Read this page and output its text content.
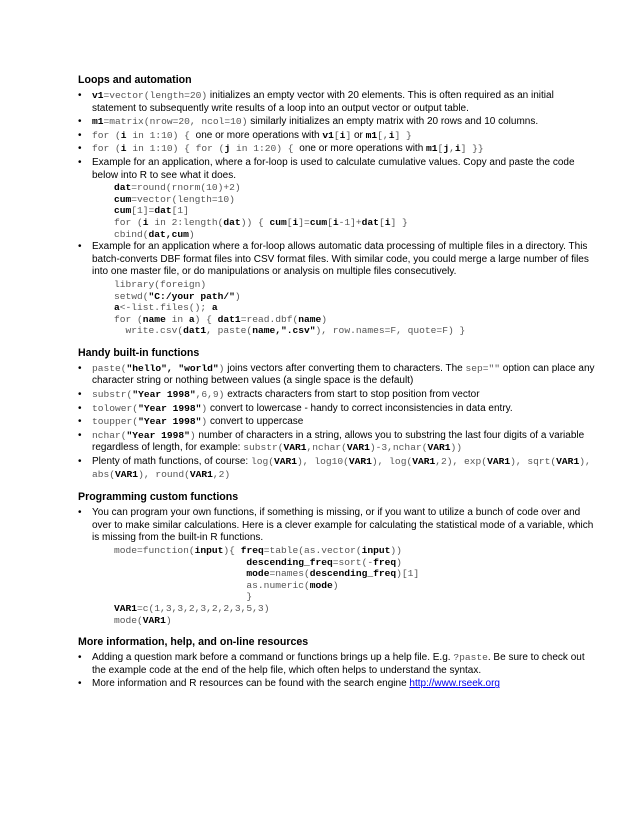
Loops and automation
• v1=vector(length=20) initializes an empty vector with 20 elements. This is often required as an initial statement to subsequently write results of a loop into an output vector or output table.
• m1=matrix(nrow=20, ncol=10) similarly initializes an empty matrix with 20 rows and 10 columns.
• for (i in 1:10) { one or more operations with v1[i] or m1[,i] }
• for (i in 1:10) { for (j in 1:20) { one or more operations with m1[j,i] }}
• Example for an application, where a for-loop is used to calculate cumulative values. Copy and paste the code below into R to see what it does.
dat=round(rnorm(10)+2)
cum=vector(length=10)
cum[1]=dat[1]
for (i in 2:length(dat)) { cum[i]=cum[i-1]+dat[i] }
cbind(dat,cum)
• Example for an application where a for-loop allows automatic data processing of multiple files in a directory. This batch-converts DBF format files into CSV format files. With similar code, you could merge a large number of files into one master file, or do manipulations or analysis on multiple files consecutively.
library(foreign)
setwd("C:/your path/")
a<-list.files(); a
for (name in a) { dat1=read.dbf(name)
write.csv(dat1, paste(name,".csv"), row.names=F, quote=F) }
Handy built-in functions
• paste("hello", "world") joins vectors after converting them to characters. The sep="" option can place any character string or nothing between values (a single space is the default)
• substr("Year 1998",6,9) extracts characters from start to stop position from vector
• tolower("Year 1998") convert to lowercase - handy to correct inconsistencies in data entry.
• toupper("Year 1998") convert to uppercase
• nchar("Year 1998") number of characters in a string, allows you to substring the last four digits of a variable regardless of length, for example: substr(VAR1,nchar(VAR1)-3,nchar(VAR1))
• Plenty of math functions, of course: log(VAR1), log10(VAR1), log(VAR1,2), exp(VAR1), sqrt(VAR1), abs(VAR1), round(VAR1,2)
Programming custom functions
• You can program your own functions, if something is missing, or if you want to utilize a bunch of code over and over to make similar calculations. Here is a clever example for calculating the statistical mode of a variable, which is missing from the built-in R functions.
mode=function(input){ freq=table(as.vector(input))
descending_freq=sort(-freq)
mode=names(descending_freq)[1]
as.numeric(mode)
}
VAR1=c(1,3,3,2,3,2,2,3,5,3)
mode(VAR1)
More information, help, and on-line resources
• Adding a question mark before a command or functions brings up a help file. E.g. ?paste. Be sure to check out the example code at the end of the help file, which often helps to understand the syntax.
• More information and R resources can be found with the search engine http://www.rseek.org
